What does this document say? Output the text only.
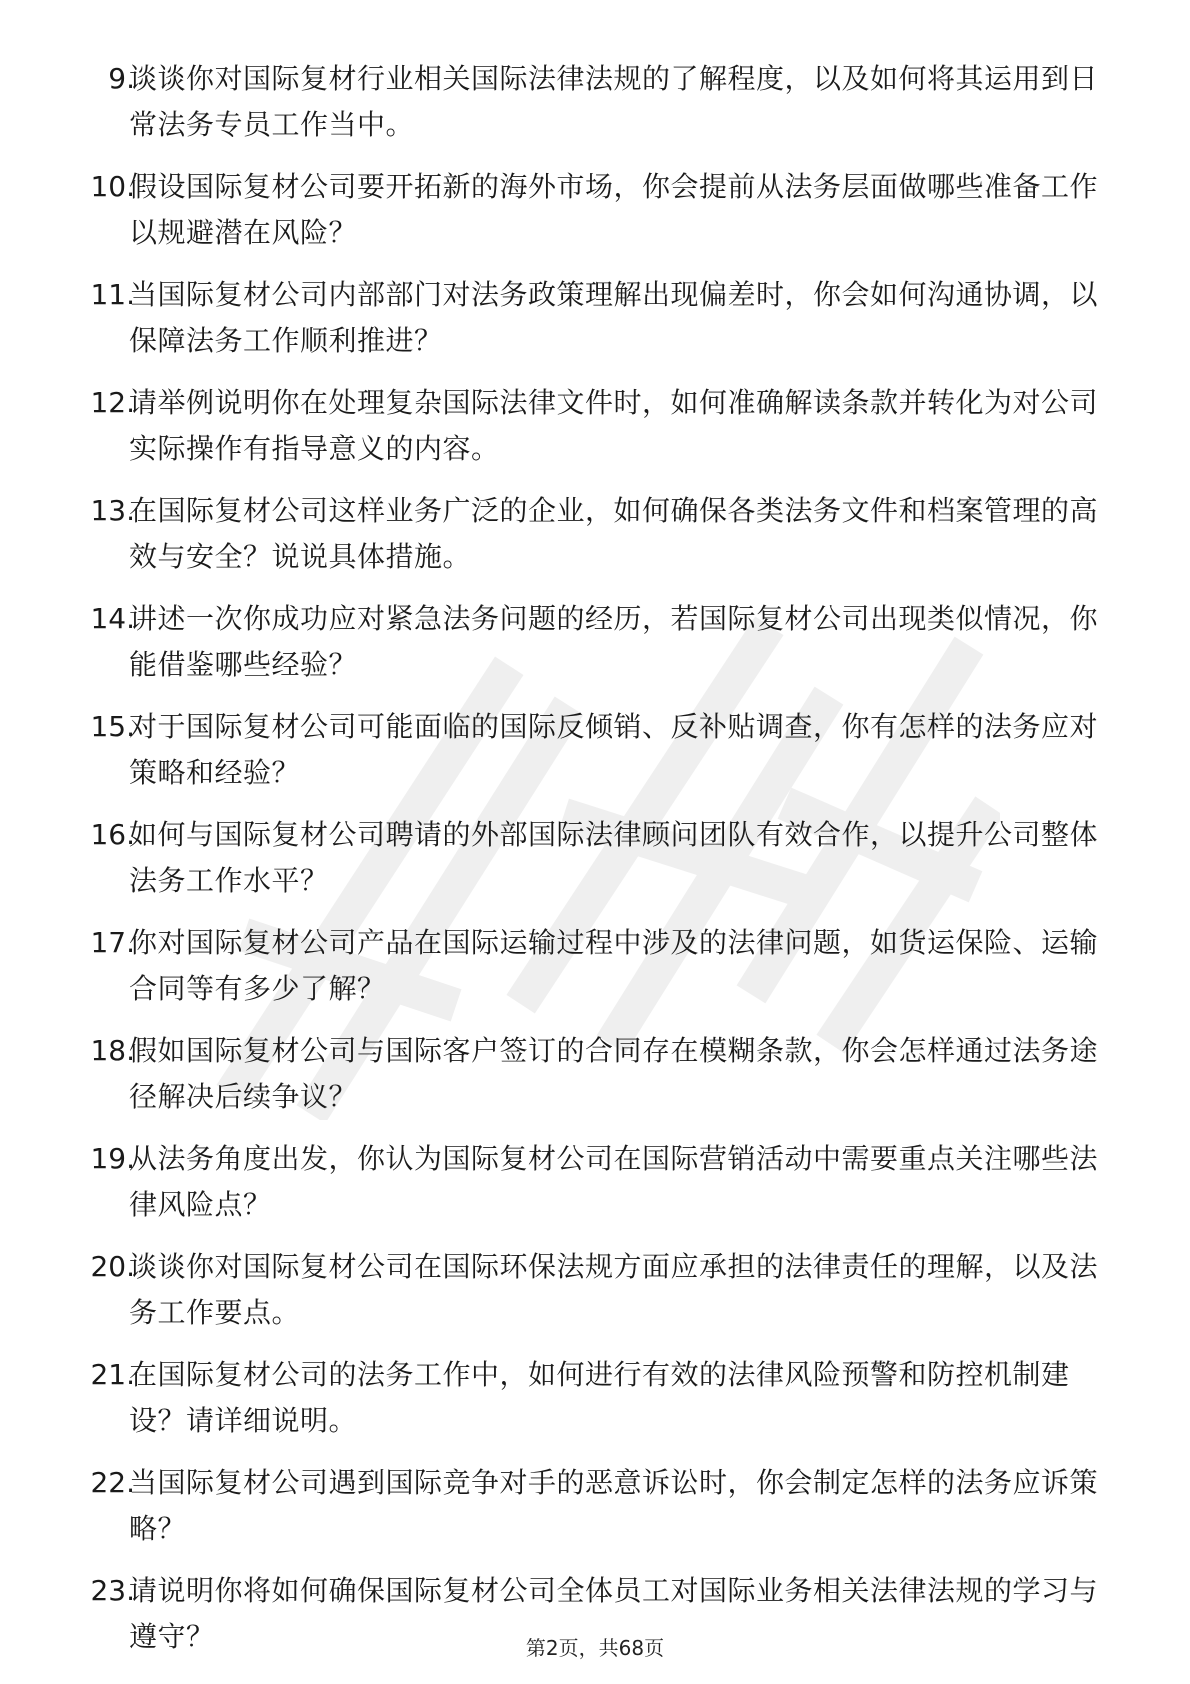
9.
谈谈你对国际复材行业相关国际法律法规的了解程度，以及如何将其运用到日常法务专员工作当中。
10.
假设国际复材公司要开拓新的海外市场，你会提前从法务层面做哪些准备工作以规避潜在风险？
11.
当国际复材公司内部部门对法务政策理解出现偏差时，你会如何沟通协调，以保障法务工作顺利推进？
12.
请举例说明你在处理复杂国际法律文件时，如何准确解读条款并转化为对公司实际操作有指导意义的内容。
13.
在国际复材公司这样业务广泛的企业，如何确保各类法务文件和档案管理的高效与安全？说说具体措施。
14.
讲述一次你成功应对紧急法务问题的经历，若国际复材公司出现类似情况，你能借鉴哪些经验？
15.
对于国际复材公司可能面临的国际反倾销、反补贴调查，你有怎样的法务应对策略和经验？
16.
如何与国际复材公司聘请的外部国际法律顾问团队有效合作，以提升公司整体法务工作水平？
17.
你对国际复材公司产品在国际运输过程中涉及的法律问题，如货运保险、运输合同等有多少了解？
18.
假如国际复材公司与国际客户签订的合同存在模糊条款，你会怎样通过法务途径解决后续争议？
19.
从法务角度出发，你认为国际复材公司在国际营销活动中需要重点关注哪些法律风险点？
20.
谈谈你对国际复材公司在国际环保法规方面应承担的法律责任的理解，以及法务工作要点。
21.
在国际复材公司的法务工作中，如何进行有效的法律风险预警和防控机制建设？请详细说明。
22.
当国际复材公司遇到国际竞争对手的恶意诉讼时，你会制定怎样的法务应诉策略？
23.
请说明你将如何确保国际复材公司全体员工对国际业务相关法律法规的学习与遵守？	第2页，共68页
